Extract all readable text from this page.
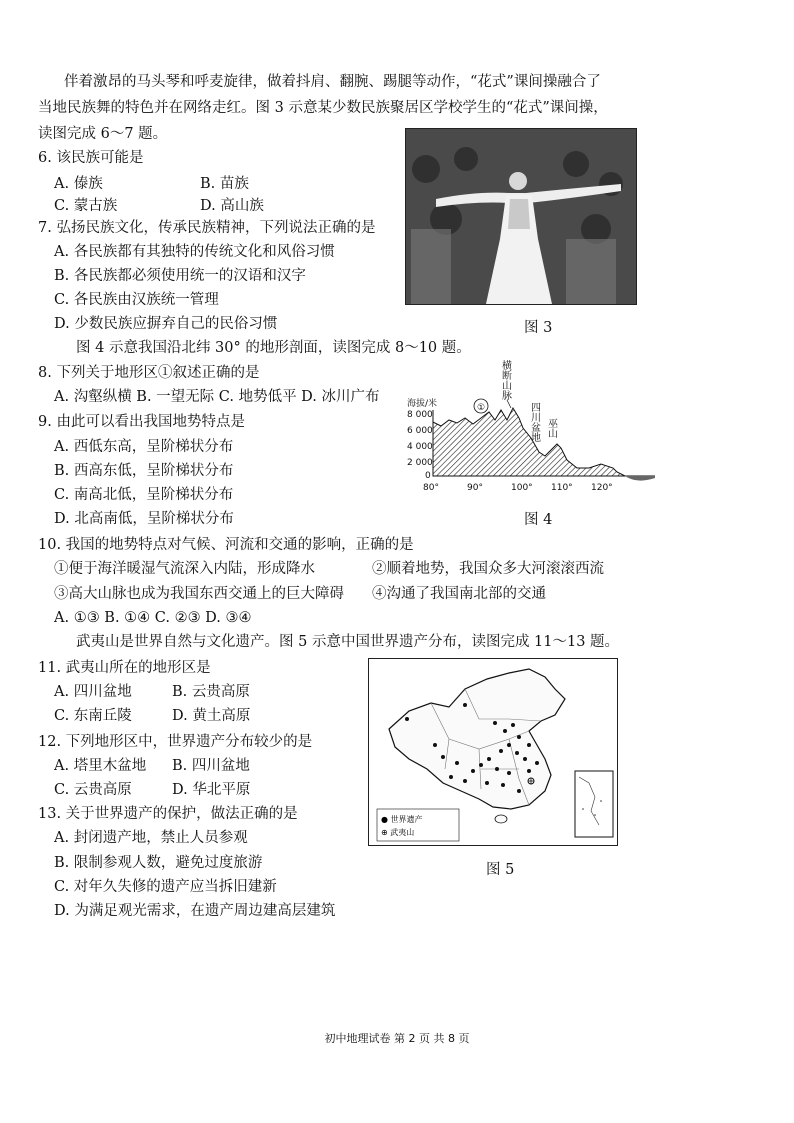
伴着激昂的马头琴和呼麦旋律，做着抖肩、翻腕、踢腿等动作，“花式”课间操融合了
当地民族舞的特色并在网络走红。图 3 示意某少数民族聚居区学校学生的“花式”课间操，
读图完成 6～7 题。
6. 该民族可能是
A. 傣族	B. 苗族
C. 蒙古族	D. 高山族
7. 弘扬民族文化，传承民族精神，下列说法正确的是
A. 各民族都有其独特的传统文化和风俗习惯
B. 各民族都必须使用统一的汉语和汉字
C. 各民族由汉族统一管理
D. 少数民族应摒弃自己的民俗习惯	图 3
图 4 示意我国沿北纬 30° 的地形剖面，读图完成 8～10 题。
8. 下列关于地形区①叙述正确的是
A. 沟壑纵横 B. 一望无际 C. 地势低平 D. 冰川广布
9. 由此可以看出我国地势特点是
A. 西低东高，呈阶梯状分布
B. 西高东低，呈阶梯状分布
C. 南高北低，呈阶梯状分布
D. 北高南低，呈阶梯状分布
海拔/米
8 000
6 000
4 000
2 000
0
80°	90°	100° 110° 120°
①
横断山脉
四川盆地 巫山
图 4
10. 我国的地势特点对气候、河流和交通的影响，正确的是
①便于海洋暖湿气流深入内陆，形成降水	②顺着地势，我国众多大河滚滚西流
③高大山脉也成为我国东西交通上的巨大障碍 ④沟通了我国南北部的交通
A. ①③ B. ①④ C. ②③ D. ③④
武夷山是世界自然与文化遗产。图 5 示意中国世界遗产分布，读图完成 11～13 题。
11. 武夷山所在的地形区是
A. 四川盆地	B. 云贵高原
C. 东南丘陵	D. 黄土高原
12. 下列地形区中，世界遗产分布较少的是
A. 塔里木盆地 B. 四川盆地
C. 云贵高原	D. 华北平原
13. 关于世界遗产的保护，做法正确的是
A. 封闭遗产地，禁止人员参观
B. 限制参观人数，避免过度旅游
C. 对年久失修的遗产应当拆旧建新
D. 为满足观光需求，在遗产周边建高层建筑
● 世界遗产
⊕ 武夷山
图 5
初中地理试卷 第 2 页 共 8 页
